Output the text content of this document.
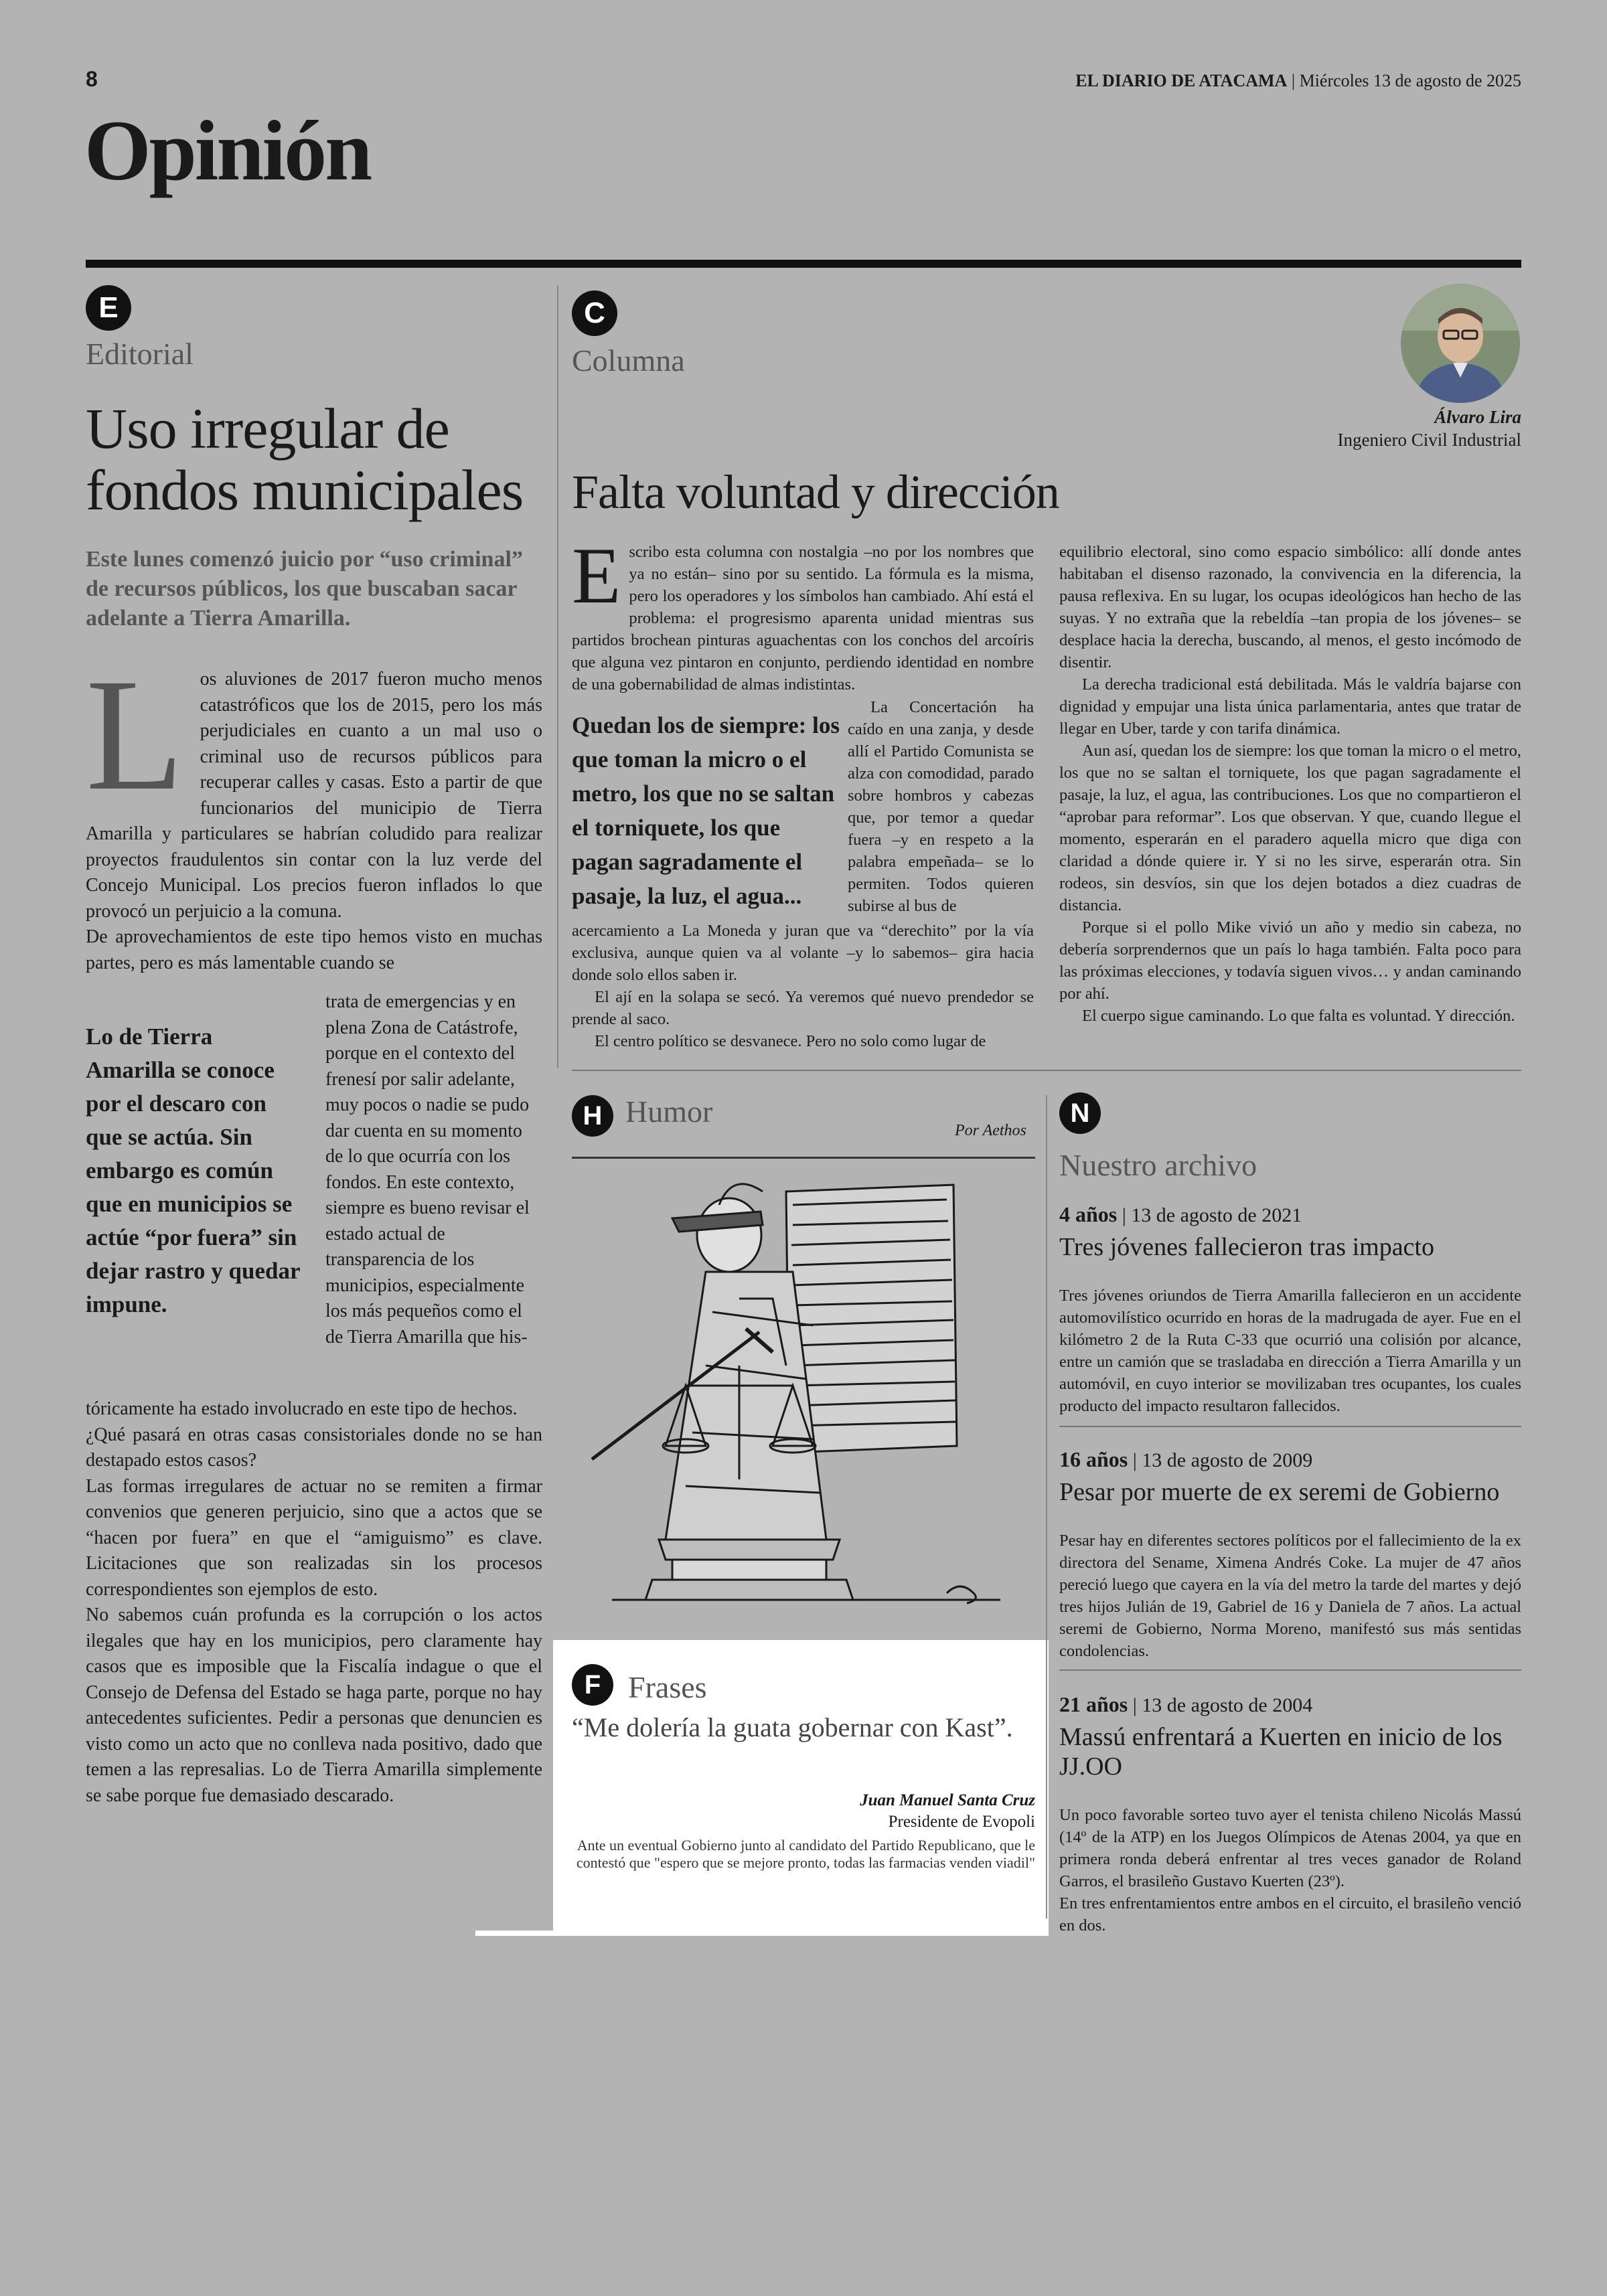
8	EL DIARIO DE ATACAMA | Miércoles 13 de agosto de 2025
Opinión
E
Editorial
Uso irregular de fondos municipales
Este lunes comenzó juicio por “uso criminal” de recursos públicos, los que buscaban sacar adelante a Tierra Amarilla.
L os aluviones de 2017 fueron mucho menos catastróficos que los de 2015, pero los más perjudiciales en cuanto a un mal uso o criminal uso de recursos públicos para recuperar calles y casas. Esto a partir de que funcionarios del municipio de Tierra Amarilla y particulares se habrían coludido para realizar proyectos fraudulentos sin contar con la luz verde del Concejo Municipal. Los precios fueron inflados lo que provocó un perjuicio a la comuna.

De aprovechamientos de este tipo hemos visto en muchas partes, pero es más lamentable cuando se

Lo de Tierra Amarilla se conoce por el descaro con que se actúa. Sin embargo es común que en municipios se actúe “por fuera” sin dejar rastro y quedar impune.

trata de emergencias y en plena Zona de Catástrofe, porque en el contexto del frenesí por salir adelante, muy pocos o nadie se pudo dar cuenta en su momento de lo que ocurría con los fondos. En este contexto, siempre es bueno revisar el estado actual de transparencia de los municipios, especialmente los más pequeños como el de Tierra Amarilla que his-

tóricamente ha estado involucrado en este tipo de hechos.

¿Qué pasará en otras casas consistoriales donde no se han destapado estos casos?

Las formas irregulares de actuar no se remiten a firmar convenios que generen perjuicio, sino que a actos que se “hacen por fuera” en que el “amiguismo” es clave. Licitaciones que son realizadas sin los procesos correspondientes son ejemplos de esto.

No sabemos cuán profunda es la corrupción o los actos ilegales que hay en los municipios, pero claramente hay casos que es imposible que la Fiscalía indague o que el Consejo de Defensa del Estado se haga parte, porque no hay antecedentes suficientes. Pedir a personas que denuncien es visto como un acto que no conlleva nada positivo, dado que temen a las represalias. Lo de Tierra Amarilla simplemente se sabe porque fue demasiado descarado.

C
Columna
Álvaro Lira
Ingeniero Civil Industrial
Falta voluntad y dirección
E scribo esta columna con nostalgia –no por los nombres que ya no están– sino por su sentido. La fórmula es la misma, pero los operadores y los símbolos han cambiado. Ahí está el problema: el progresismo aparenta unidad mientras sus partidos brochean pinturas aguachentas con los conchos del arcoíris que alguna vez pintaron en conjunto, perdiendo identidad en nombre de una gobernabilidad de almas indistintas.

Quedan los de siempre: los que toman la micro o el metro, los que no se saltan el torniquete, los que pagan sagradamente el pasaje, la luz, el agua...

La Concertación ha caído en una zanja, y desde allí el Partido Comunista se alza con comodidad, parado sobre hombros y cabezas que, por temor a quedar fuera –y en respeto a la palabra empeñada– se lo permiten. Todos quieren subirse al bus de

acercamiento a La Moneda y juran que va “derechito” por la vía exclusiva, aunque quien va al volante –y lo sabemos– gira hacia donde solo ellos saben ir.

El ají en la solapa se secó. Ya veremos qué nuevo prendedor se prende al saco.

El centro político se desvanece. Pero no solo como lugar de

equilibrio electoral, sino como espacio simbólico: allí donde antes habitaban el disenso razonado, la convivencia en la diferencia, la pausa reflexiva. En su lugar, los ocupas ideológicos han hecho de las suyas. Y no extraña que la rebeldía –tan propia de los jóvenes– se desplace hacia la derecha, buscando, al menos, el gesto incómodo de disentir.

La derecha tradicional está debilitada. Más le valdría bajarse con dignidad y empujar una lista única parlamentaria, antes que tratar de llegar en Uber, tarde y con tarifa dinámica.

Aun así, quedan los de siempre: los que toman la micro o el metro, los que no se saltan el torniquete, los que pagan sagradamente el pasaje, la luz, el agua, las contribuciones. Los que no compartieron el “aprobar para reformar”. Los que observan. Y que, cuando llegue el momento, esperarán en el paradero aquella micro que diga con claridad a dónde quiere ir. Y si no les sirve, esperarán otra. Sin rodeos, sin desvíos, sin que los dejen botados a diez cuadras de distancia.

Porque si el pollo Mike vivió un año y medio sin cabeza, no debería sorprendernos que un país lo haga también. Falta poco para las próximas elecciones, y todavía siguen vivos… y andan caminando por ahí.

El cuerpo sigue caminando. Lo que falta es voluntad. Y dirección.

H Humor
Por Aethos
F Frases
“Me dolería la guata gobernar con Kast”.
Juan Manuel Santa Cruz
Presidente de Evopoli
Ante un eventual Gobierno junto al candidato del Partido Republicano, que le contestó que "espero que se mejore pronto, todas las farmacias venden viadil"
N
Nuestro archivo

4 años | 13 de agosto de 2021

Tres jóvenes fallecieron tras impacto

Tres jóvenes oriundos de Tierra Amarilla fallecieron en un accidente automovilístico ocurrido en horas de la madrugada de ayer. Fue en el kilómetro 2 de la Ruta C-33 que ocurrió una colisión por alcance, entre un camión que se trasladaba en dirección a Tierra Amarilla y un automóvil, en cuyo interior se movilizaban tres ocupantes, los cuales producto del impacto resultaron fallecidos.

16 años | 13 de agosto de 2009

Pesar por muerte de ex seremi de Gobierno

Pesar hay en diferentes sectores políticos por el fallecimiento de la ex directora del Sename, Ximena Andrés Coke. La mujer de 47 años pereció luego que cayera en la vía del metro la tarde del martes y dejó tres hijos Julián de 19, Gabriel de 16 y Daniela de 7 años. La actual seremi de Gobierno, Norma Moreno, manifestó sus más sentidas condolencias.

21 años | 13 de agosto de 2004

Massú enfrentará a Kuerten en inicio de los JJ.OO

Un poco favorable sorteo tuvo ayer el tenista chileno Nicolás Massú (14º de la ATP) en los Juegos Olímpicos de Atenas 2004, ya que en primera ronda deberá enfrentar al tres veces ganador de Roland Garros, el brasileño Gustavo Kuerten (23º).

En tres enfrentamientos entre ambos en el circuito, el brasileño venció en dos.
